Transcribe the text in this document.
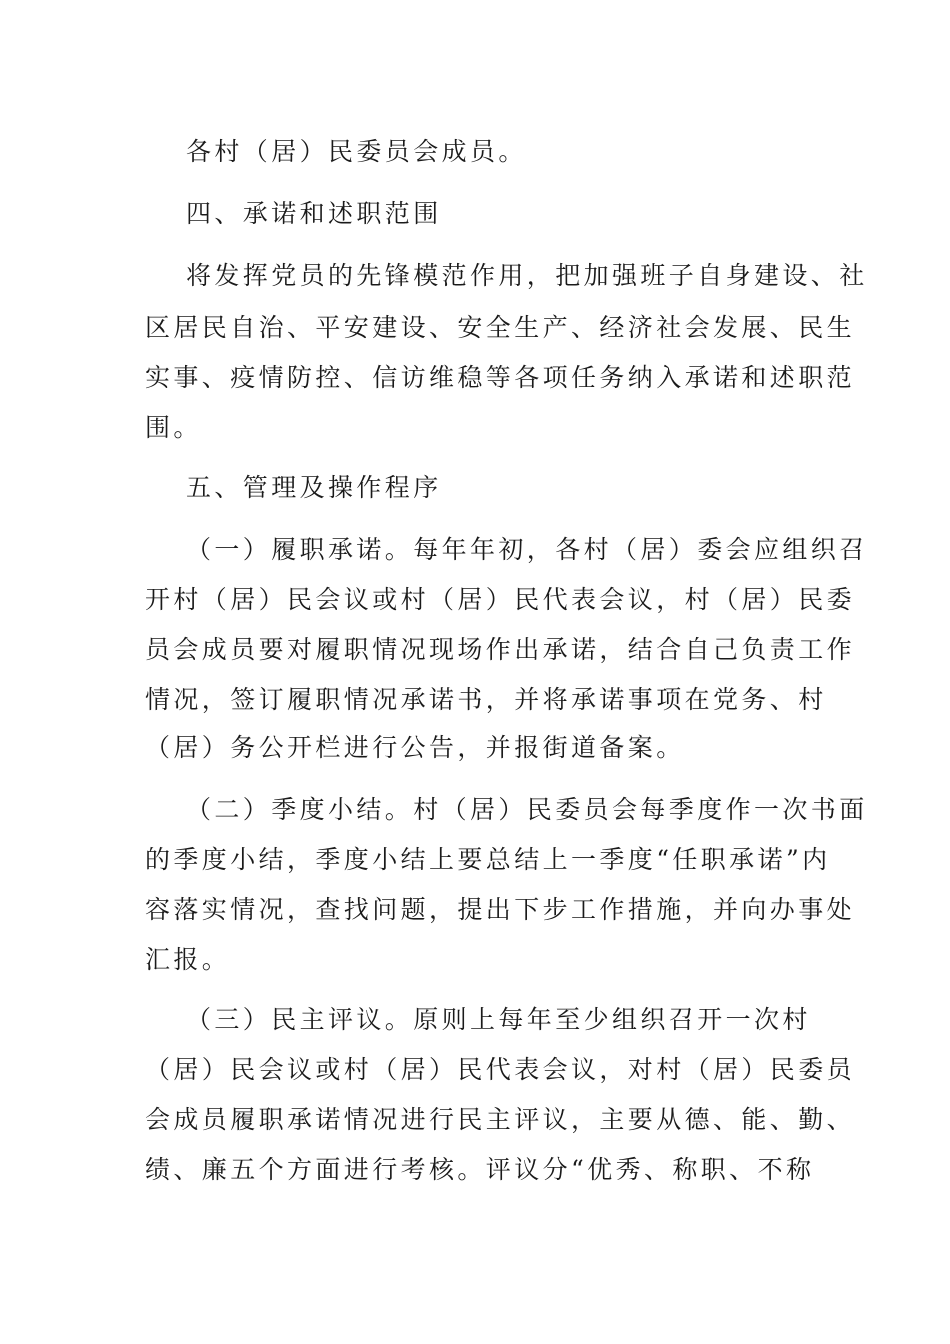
各村（居）民委员会成员。
四、承诺和述职范围
将发挥党员的先锋模范作用，把加强班子自身建设、社
区居民自治、平安建设、安全生产、经济社会发展、民生
实事、疫情防控、信访维稳等各项任务纳入承诺和述职范
围。
五、管理及操作程序
（一）履职承诺。每年年初，各村（居）委会应组织召
开村（居）民会议或村（居）民代表会议，村（居）民委
员会成员要对履职情况现场作出承诺，结合自己负责工作
情况，签订履职情况承诺书，并将承诺事项在党务、村
（居）务公开栏进行公告，并报街道备案。
（二）季度小结。村（居）民委员会每季度作一次书面
的季度小结，季度小结上要总结上一季度“任职承诺”内
容落实情况，查找问题，提出下步工作措施，并向办事处
汇报。
（三）民主评议。原则上每年至少组织召开一次村
（居）民会议或村（居）民代表会议，对村（居）民委员
会成员履职承诺情况进行民主评议，主要从德、能、勤、
绩、廉五个方面进行考核。评议分“优秀、称职、不称
